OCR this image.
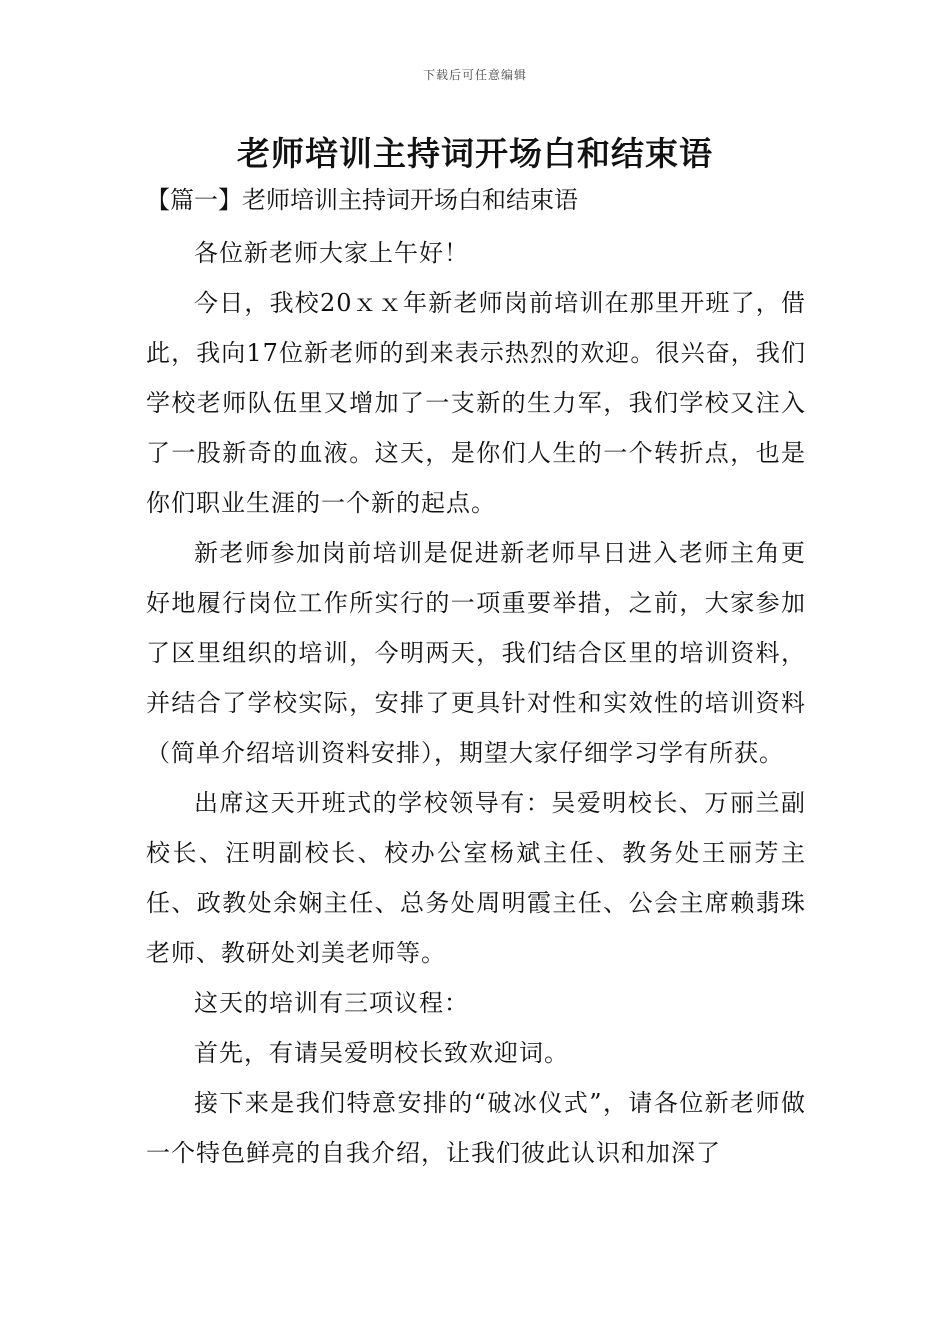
下载后可任意编辑
老师培训主持词开场白和结束语
【篇一】老师培训主持词开场白和结束语

各位新老师大家上午好！

今日，我校20ｘｘ年新老师岗前培训在那里开班了，借此，我向17位新老师的到来表示热烈的欢迎。很兴奋，我们学校老师队伍里又增加了一支新的生力军，我们学校又注入了一股新奇的血液。这天，是你们人生的一个转折点，也是你们职业生涯的一个新的起点。

新老师参加岗前培训是促进新老师早日进入老师主角更好地履行岗位工作所实行的一项重要举措，之前，大家参加了区里组织的培训，今明两天，我们结合区里的培训资料，并结合了学校实际，安排了更具针对性和实效性的培训资料（简单介绍培训资料安排），期望大家仔细学习学有所获。

出席这天开班式的学校领导有：吴爱明校长、万丽兰副校长、汪明副校长、校办公室杨斌主任、教务处王丽芳主任、政教处余娴主任、总务处周明霞主任、公会主席赖翡珠老师、教研处刘美老师等。

这天的培训有三项议程：

首先，有请吴爱明校长致欢迎词。

接下来是我们特意安排的“破冰仪式”，请各位新老师做一个特色鲜亮的自我介绍，让我们彼此认识和加深了
